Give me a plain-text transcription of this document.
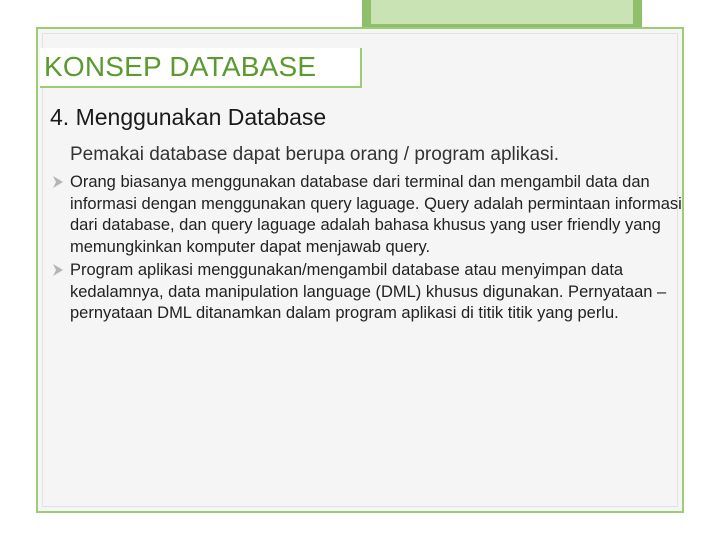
KONSEP DATABASE
4. Menggunakan Database

Pemakai database dapat berupa orang / program aplikasi.

Orang biasanya menggunakan database dari terminal dan mengambil data dan informasi dengan menggunakan query laguage. Query adalah permintaan informasi dari database, dan query laguage adalah bahasa khusus yang user friendly yang memungkinkan komputer dapat menjawab query.
Program aplikasi menggunakan/mengambil database atau menyimpan data kedalamnya, data manipulation language (DML) khusus digunakan. Pernyataan – pernyataan DML ditanamkan dalam program aplikasi di titik titik yang perlu.
